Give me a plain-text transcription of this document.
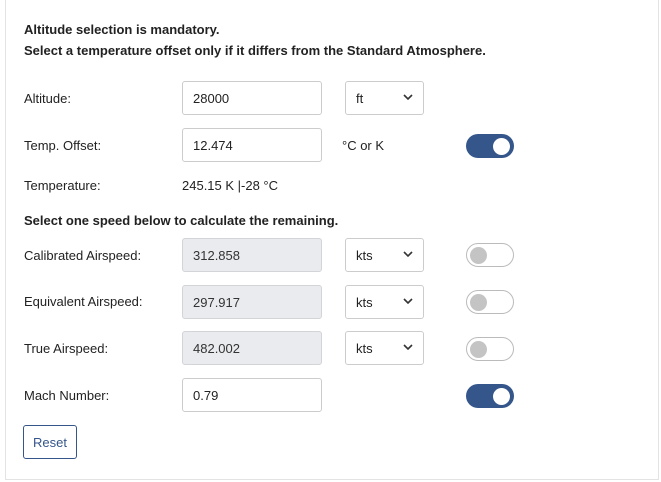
Altitude selection is mandatory.
Select a temperature offset only if it differs from the Standard Atmosphere.
Altitude:
28000	ft
Temp. Offset:
12.474	°C or K
Temperature:	245.15 K |-28 °C
Select one speed below to calculate the remaining.
Calibrated Airspeed:
312.858	kts
Equivalent Airspeed:
297.917	kts
True Airspeed:
482.002	kts
Mach Number:
0.79
Reset
